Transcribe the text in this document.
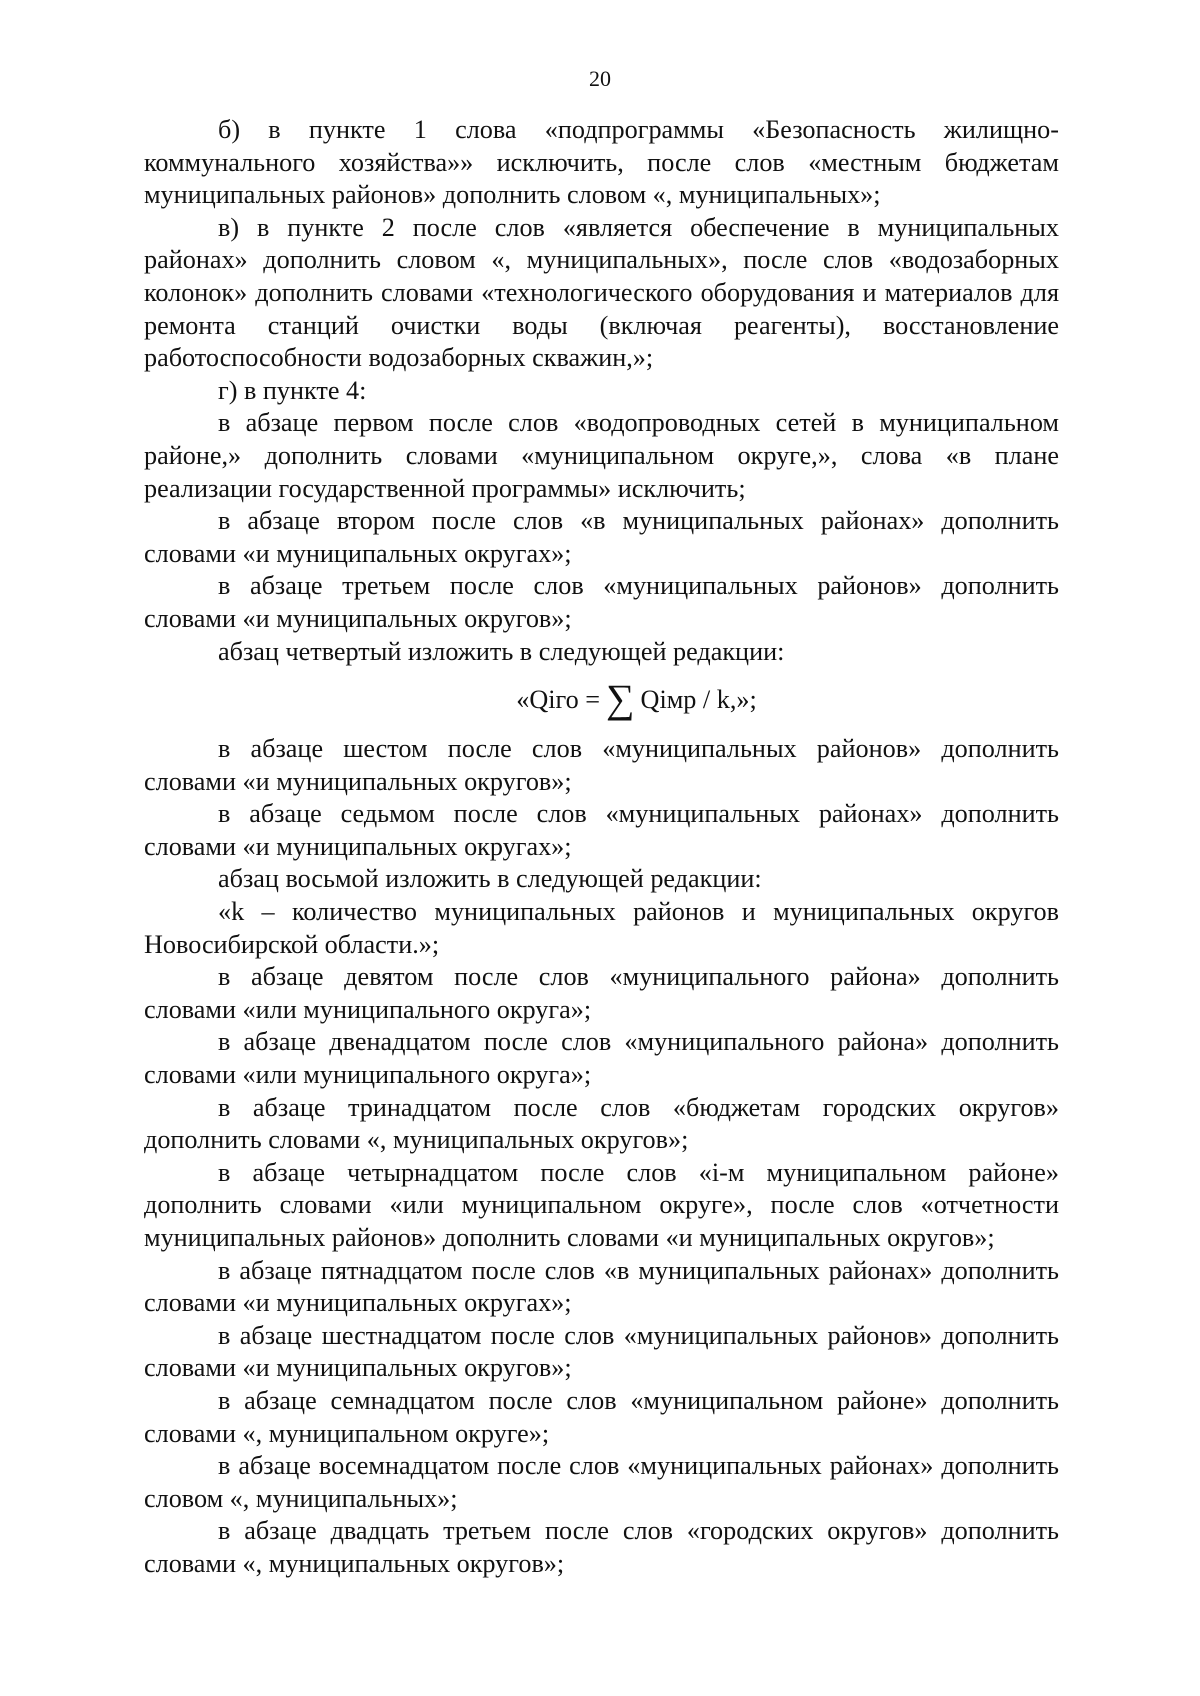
20

б) в пункте 1 слова «подпрограммы «Безопасность жилищно-коммунального хозяйства»» исключить, после слов «местным бюджетам муниципальных районов» дополнить словом «, муниципальных»;

в) в пункте 2 после слов «является обеспечение в муниципальных районах» дополнить словом «, муниципальных», после слов «водозаборных колонок» дополнить словами «технологического оборудования и материалов для ремонта станций очистки воды (включая реагенты), восстановление работоспособности водозаборных скважин,»;

г) в пункте 4:

в абзаце первом после слов «водопроводных сетей в муниципальном районе,» дополнить словами «муниципальном округе,», слова «в плане реализации государственной программы» исключить;

в абзаце втором после слов «в муниципальных районах» дополнить словами «и муниципальных округах»;

в абзаце третьем после слов «муниципальных районов» дополнить словами «и муниципальных округов»;

абзац четвертый изложить в следующей редакции:

«Qiго = ∑ Qiмр / k,»;

в абзаце шестом после слов «муниципальных районов» дополнить словами «и муниципальных округов»;

в абзаце седьмом после слов «муниципальных районах» дополнить словами «и муниципальных округах»;

абзац восьмой изложить в следующей редакции:

«k – количество муниципальных районов и муниципальных округов Новосибирской области.»;

в абзаце девятом после слов «муниципального района» дополнить словами «или муниципального округа»;

в абзаце двенадцатом после слов «муниципального района» дополнить словами «или муниципального округа»;

в абзаце тринадцатом после слов «бюджетам городских округов» дополнить словами «, муниципальных округов»;

в абзаце четырнадцатом после слов «i-м муниципальном районе» дополнить словами «или муниципальном округе», после слов «отчетности муниципальных районов» дополнить словами «и муниципальных округов»;

в абзаце пятнадцатом после слов «в муниципальных районах» дополнить словами «и муниципальных округах»;

в абзаце шестнадцатом после слов «муниципальных районов» дополнить словами «и муниципальных округов»;

в абзаце семнадцатом после слов «муниципальном районе» дополнить словами «, муниципальном округе»;

в абзаце восемнадцатом после слов «муниципальных районах» дополнить словом «, муниципальных»;

в абзаце двадцать третьем после слов «городских округов» дополнить словами «, муниципальных округов»;
